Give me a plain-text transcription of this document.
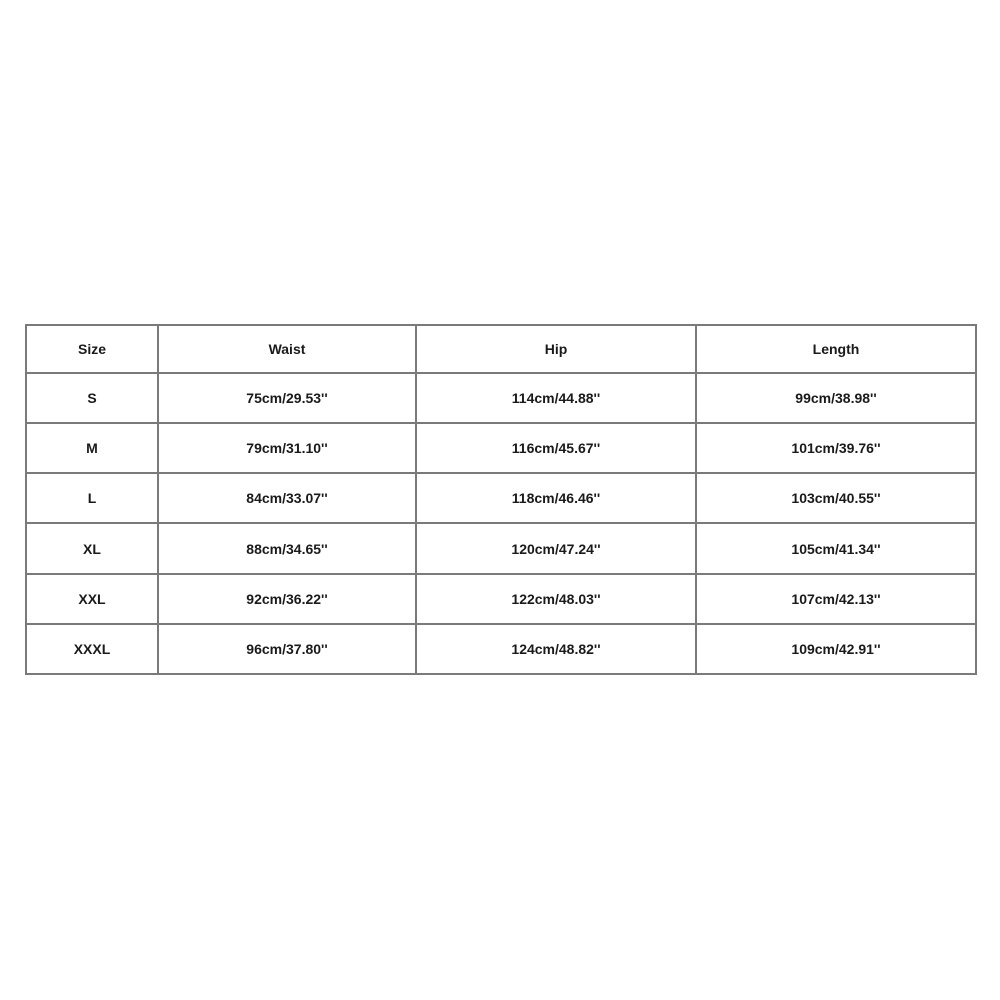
Size	Waist	Hip	Length
S	75cm/29.53''	114cm/44.88''	99cm/38.98''
M	79cm/31.10''	116cm/45.67''	101cm/39.76''
L	84cm/33.07''	118cm/46.46''	103cm/40.55''
XL	88cm/34.65''	120cm/47.24''	105cm/41.34''
XXL	92cm/36.22''	122cm/48.03''	107cm/42.13''
XXXL	96cm/37.80''	124cm/48.82''	109cm/42.91''
